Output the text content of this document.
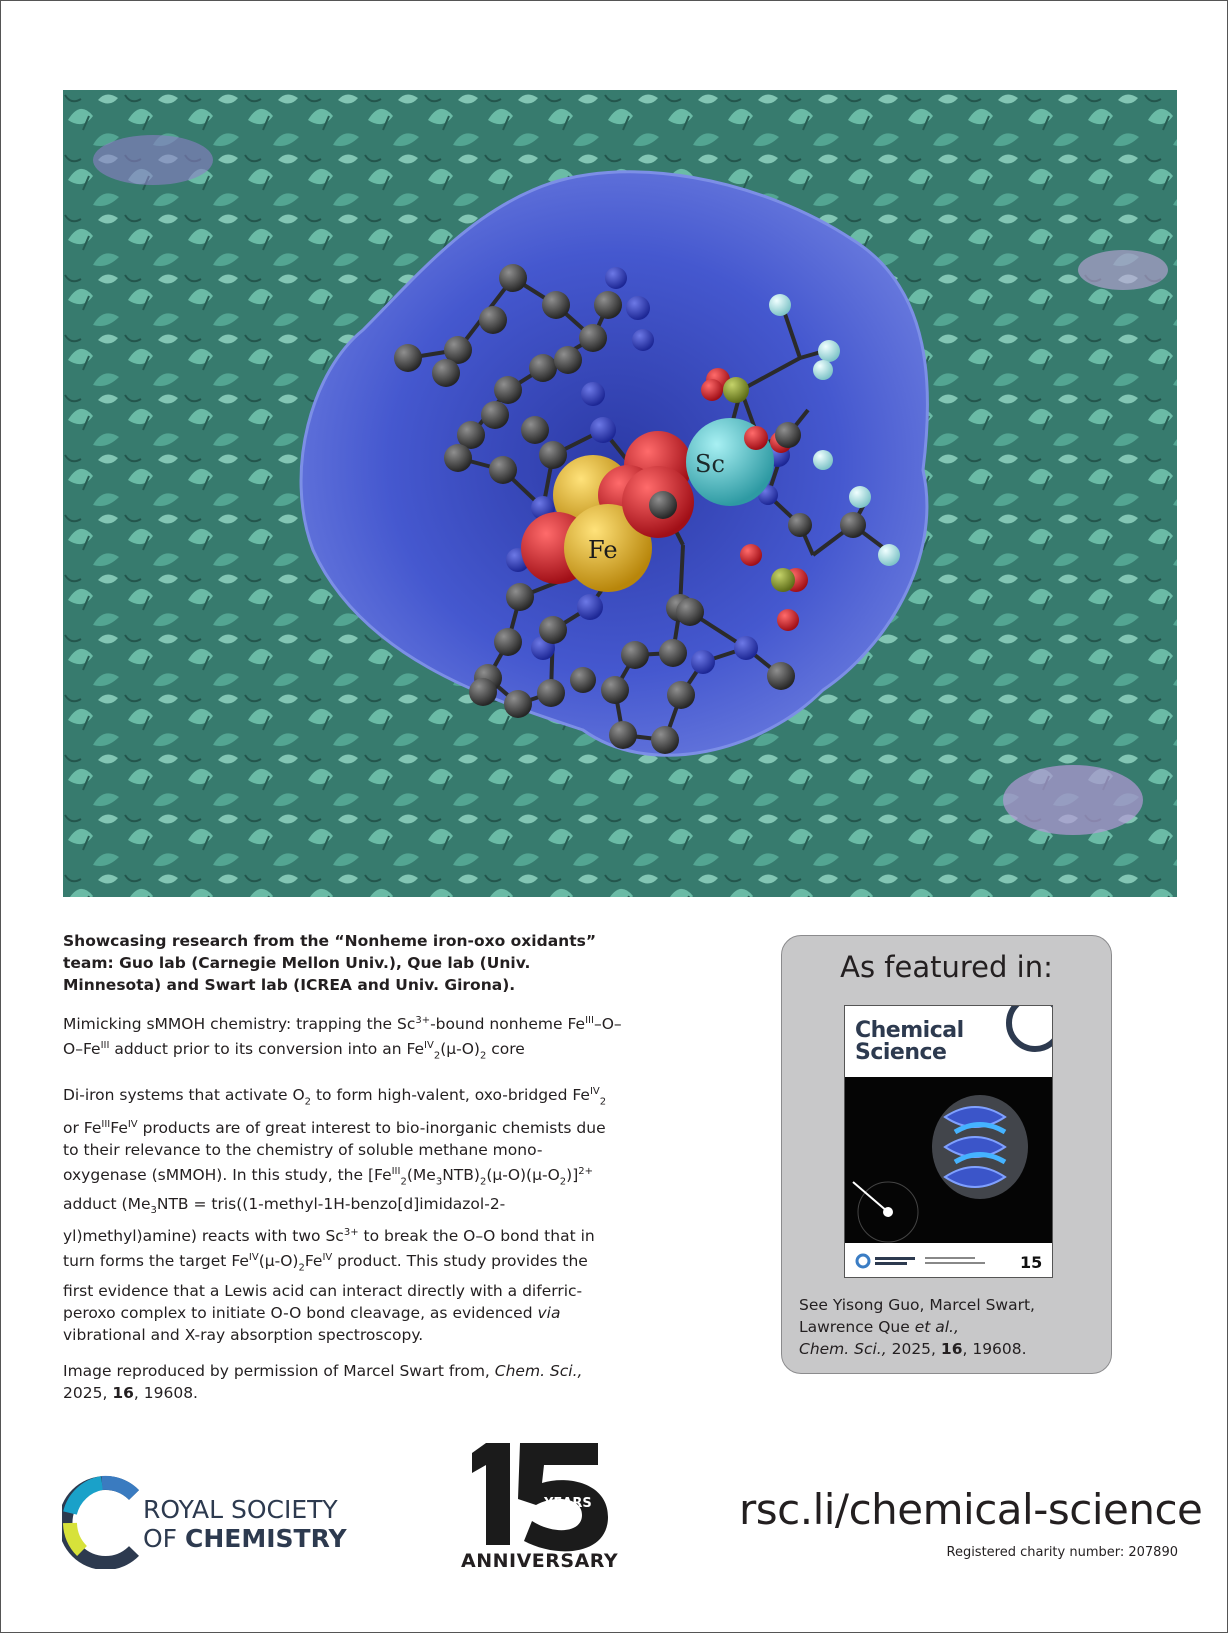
Sc
Fe

Showcasing research from the “Nonheme iron-oxo oxidants” team: Guo lab (Carnegie Mellon Univ.), Que lab (Univ. Minnesota) and Swart lab (ICREA and Univ. Girona).

Mimicking sMMOH chemistry: trapping the $Sc^{3+}$-bound nonheme $Fe^{III}-O-O-Fe^{III}$ adduct prior to its conversion into an $Fe^{IV}_2(\mu-O)_2$ core

Di-iron systems that activate $O_2$ to form high-valent, oxo-bridged $Fe^{IV}_2$ or $Fe^{III}Fe^{IV}$ products are of great interest to bio-inorganic chemists due to their relevance to the chemistry of soluble methane mono-oxygenase (sMMOH). In this study, the $[Fe^{III}_2(Me_3NTB)_2(\mu-O)(\mu-O_2)]^{2+}$ adduct ($Me_3NTB$ = tris((1-methyl-1H-benzo[d]imidazol-2-yl)methyl)amine) reacts with two $Sc^{3+}$ to break the O–O bond that in turn forms the target $Fe^{IV}(\mu-O)_2Fe^{IV}$ product. This study provides the first evidence that a Lewis acid can interact directly with a diferric-peroxo complex to initiate O-O bond cleavage, as evidenced via vibrational and X-ray absorption spectroscopy.

Image reproduced by permission of Marcel Swart from, Chem. Sci., 2025, 16, 19608.

As featured in:
Chemical
Science
15
See Yisong Guo, Marcel Swart,
Lawrence Que et al.,
Chem. Sci., 2025, 16, 19608.
ROYAL SOCIETY
OF CHEMISTRY
YEARS
ANNIVERSARY
rsc.li/chemical-science
Registered charity number: 207890
